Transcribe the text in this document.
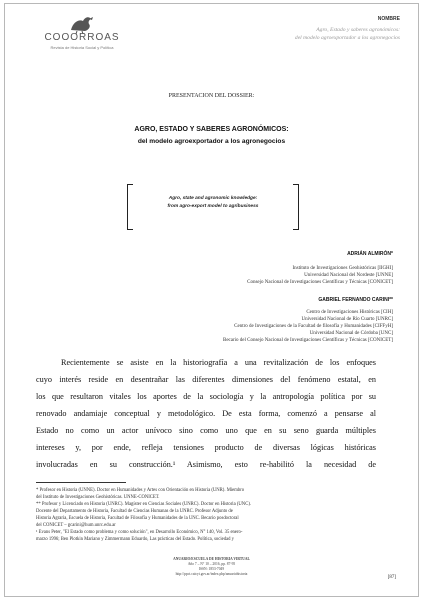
COOORROAS
Revista de Historia Social y Política
NOMBRE
Agro, Estado y saberes agronómicos:
del modelo agroexportador a los agronegocios
PRESENTACION DEL DOSSIER:
AGRO, ESTADO Y SABERES AGRONÓMICOS:
del modelo agroexportador a los agronegocios
Agro, state and agronomic knowledge:
from agro-export model to agribusiness
ADRIÁN ALMIRÓN*
Instituto de Investigaciones Geohistóricas [IIGHI]
Universidad Nacional del Nordeste [UNNE]
Consejo Nacional de Investigaciones Científicas y Técnicas [CONICET]
GABRIEL FERNANDO CARINI**
Centro de Investigaciones Históricas [CIH]
Universidad Nacional de Río Cuarto [UNRC]
Centro de Investigaciones de la Facultad de filosofía y Humanidades [CIFFyH]
Universidad Nacional de Córdoba [UNC]
Becario del Consejo Nacional de Investigaciones Científicas y Técnicas [CONICET]
Recientemente se asiste en la historiografía a una revitalización de los enfoques
cuyo interés reside en desentrañar las diferentes dimensiones del fenómeno estatal, en
los que resultaron vitales los aportes de la sociología y la antropología política por su
renovado andamiaje conceptual y metodológico. De esta forma, comenzó a pensarse al
Estado no como un actor unívoco sino como uno que en su seno guarda múltiples
intereses y, por ende, refleja tensiones producto de diversas lógicas históricas
involucradas en su construcción.¹ Asimismo, esto re-habilitó la necesidad de
* Profesor en Historia (UNNE). Doctor en Humanidades y Artes con Orientación en Historia (UNR). Miembro
del Instituto de Investigaciones Geohistóricas. UNNE-CONICET.
** Profesor y Licenciado en Historia (UNRC). Magíster en Ciencias Sociales (UNRC). Doctor en Historia (UNC).
Docente del Departamento de Historia, Facultad de Ciencias Humanas de la UNRC. Profesor Adjunto de
Historia Agraria, Escuela de Historia, Facultad de Filosofía y Humanidades de la UNC. Becario posdoctoral
del CONICET – gcarini@hum.unrc.edu.ar
¹ Evans Peter, "El Estado como problema y como solución", en Desarrollo Económico, N° 140, Vol. 35 enero-
marzo 1996; Ben Plotkin Mariano y Zimmermann Eduardo, Las prácticas del Estado. Política, sociedad y
ANUARIO/ESCUELA DE HISTORIA VIRTUAL
Año 7 – N° 10 – 2016, pp. 87-95
ISSN: 1853-7049
http://ppct.caicyt.gov.ar/index.php/anuariohistoria
[87]
